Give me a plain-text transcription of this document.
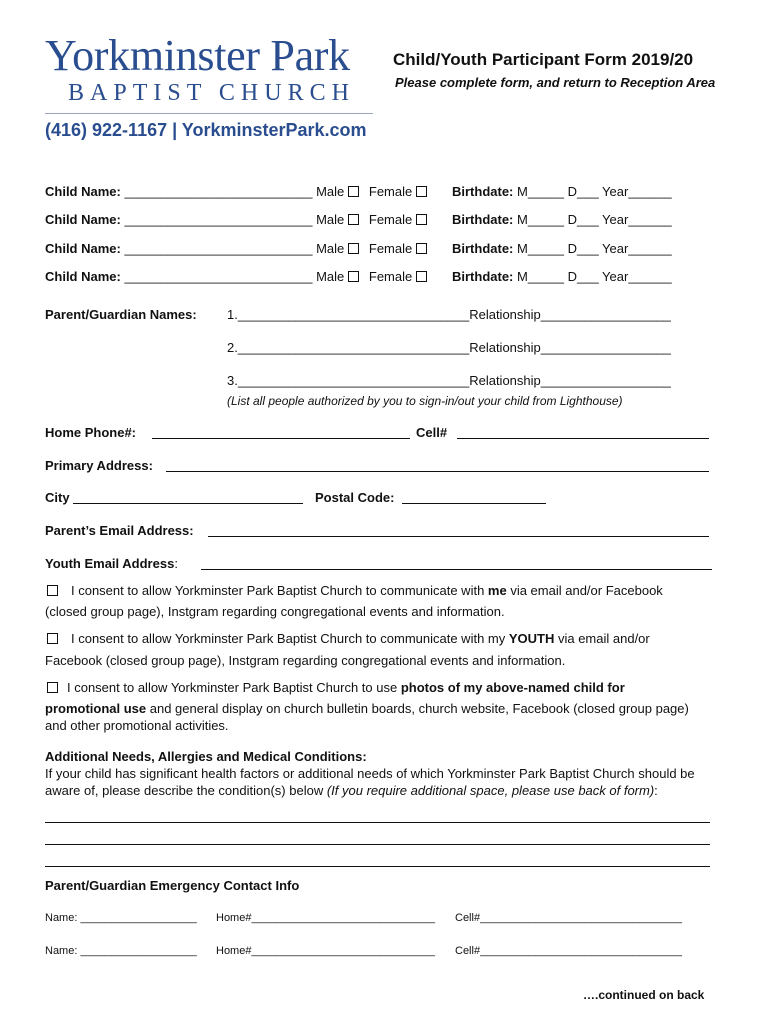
Yorkminster Park
BAPTIST CHURCH
(416) 922-1167 | YorkminsterPark.com
Child/Youth Participant Form 2019/20
Please complete form, and return to Reception Area
Child Name: __________________________ Male Female	Birthdate: M_____ D___ Year______
Child Name: __________________________ Male Female	Birthdate: M_____ D___ Year______
Child Name: __________________________ Male Female	Birthdate: M_____ D___ Year______
Child Name: __________________________ Male Female	Birthdate: M_____ D___ Year______
Parent/Guardian Names: 1.________________________________Relationship__________________
2.________________________________Relationship__________________
3.________________________________Relationship__________________
(List all people authorized by you to sign-in/out your child from Lighthouse)
Home Phone#:	Cell#
Primary Address:
City	Postal Code:
Parent’s Email Address:
Youth Email Address:
I consent to allow Yorkminster Park Baptist Church to communicate with me via email and/or Facebook
(closed group page), Instgram regarding congregational events and information.
I consent to allow Yorkminster Park Baptist Church to communicate with my YOUTH via email and/or
Facebook (closed group page), Instgram regarding congregational events and information.
I consent to allow Yorkminster Park Baptist Church to use photos of my above-named child for
promotional use and general display on church bulletin boards, church website, Facebook (closed group page)
and other promotional activities.
Additional Needs, Allergies and Medical Conditions:
If your child has significant health factors or additional needs of which Yorkminster Park Baptist Church should be
aware of, please describe the condition(s) below (If you require additional space, please use back of form):
Parent/Guardian Emergency Contact Info
Name: ___________________ Home#______________________________ Cell#_________________________________
Name: ___________________ Home#______________________________ Cell#_________________________________
….continued on back
